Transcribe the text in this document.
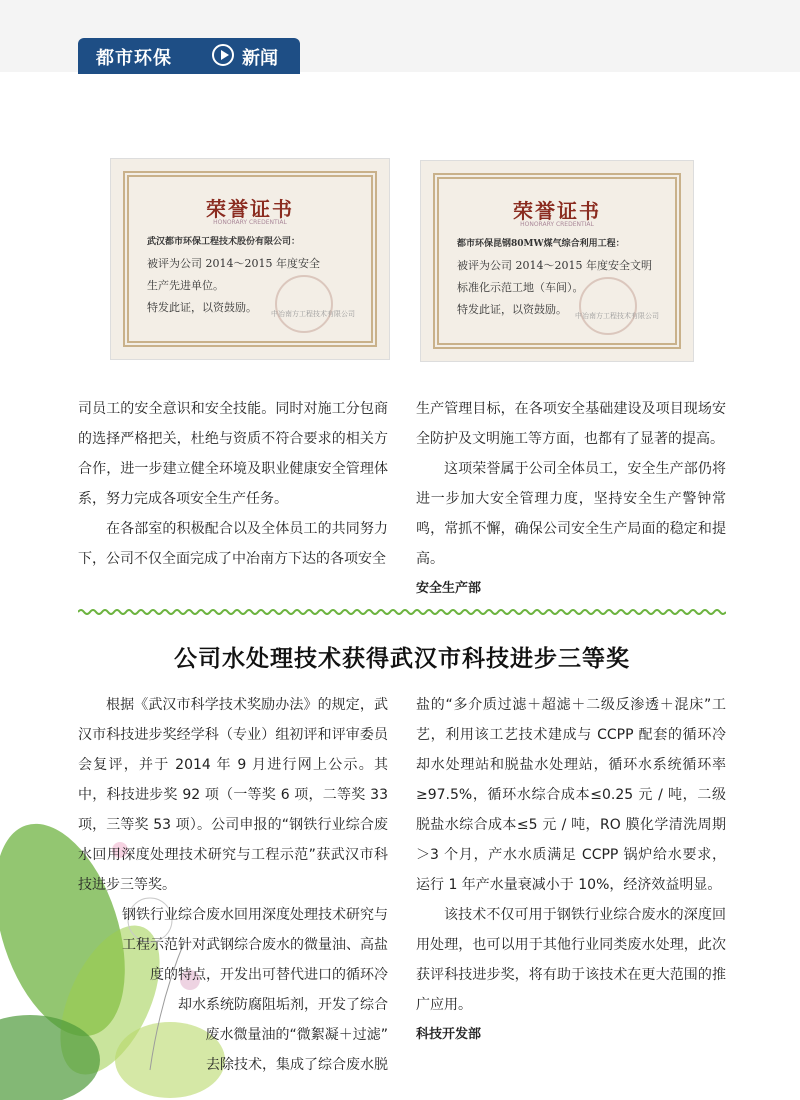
都市环保	新闻
荣誉证书
HONORARY CREDENTIAL
武汉都市环保工程技术股份有限公司：
被评为公司 2014～2015 年度安全
生产先进单位。
特发此证，以资鼓励。	中冶南方工程技术有限公司
荣誉证书
HONORARY CREDENTIAL
都市环保昆钢80MW煤气综合利用工程：
被评为公司 2014～2015 年度安全文明
标准化示范工地（车间）。
特发此证，以资鼓励。	中冶南方工程技术有限公司

司员工的安全意识和安全技能。同时对施工分包商的选择严格把关，杜绝与资质不符合要求的相关方合作，进一步建立健全环境及职业健康安全管理体系，努力完成各项安全生产任务。

在各部室的积极配合以及全体员工的共同努力下，公司不仅全面完成了中冶南方下达的各项安全

生产管理目标，在各项安全基础建设及项目现场安全防护及文明施工等方面，也都有了显著的提高。

这项荣誉属于公司全体员工，安全生产部仍将进一步加大安全管理力度，坚持安全生产警钟常鸣，常抓不懈，确保公司安全生产局面的稳定和提高。

安全生产部

公司水处理技术获得武汉市科技进步三等奖

根据《武汉市科学技术奖励办法》的规定，武汉市科技进步奖经学科（专业）组初评和评审委员会复评，并于 2014 年 9 月进行网上公示。其中，科技进步奖 92 项（一等奖 6 项，二等奖 33 项，三等奖 53 项）。公司申报的“钢铁行业综合废水回用深度处理技术研究与工程示范”获武汉市科技进步三等奖。

钢铁行业综合废水回用深度处理技术研究与

工程示范针对武钢综合废水的微量油、高盐

度的特点，开发出可替代进口的循环冷

却水系统防腐阻垢剂，开发了综合

废水微量油的“微絮凝＋过滤”

去除技术，集成了综合废水脱

盐的“多介质过滤＋超滤＋二级反渗透＋混床”工艺，利用该工艺技术建成与 CCPP 配套的循环冷却水处理站和脱盐水处理站，循环水系统循环率≥97.5%，循环水综合成本≤0.25 元 / 吨，二级脱盐水综合成本≤5 元 / 吨，RO 膜化学清洗周期＞3 个月，产水水质满足 CCPP 锅炉给水要求，运行 1 年产水量衰减小于 10%，经济效益明显。

该技术不仅可用于钢铁行业综合废水的深度回用处理，也可以用于其他行业同类废水处理，此次获评科技进步奖，将有助于该技术在更大范围的推广应用。

科技开发部
